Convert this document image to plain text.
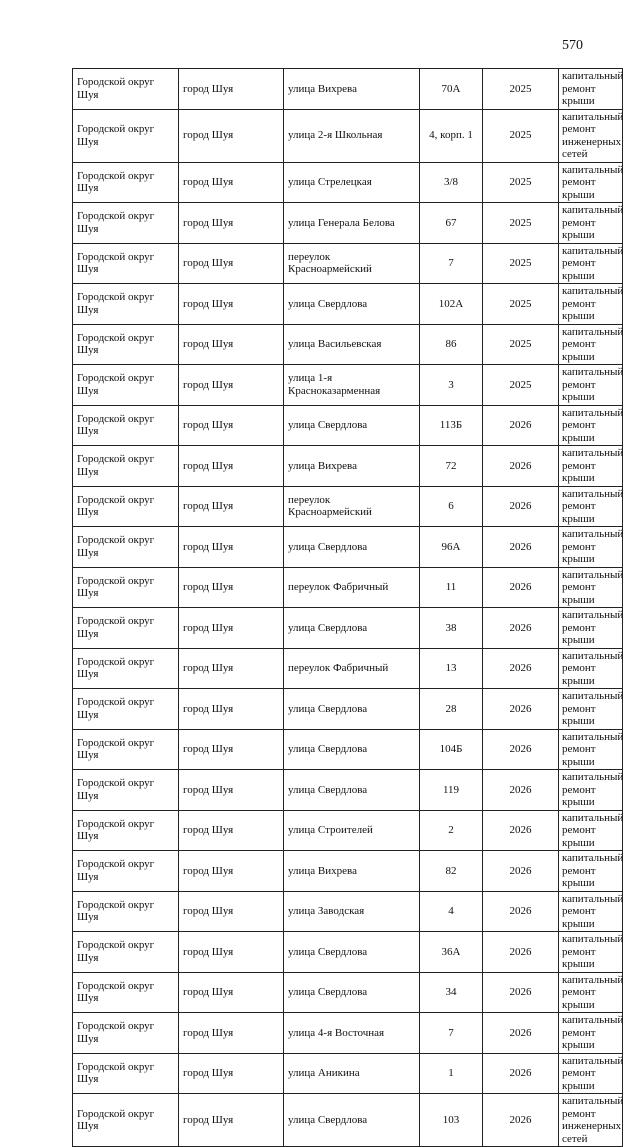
570
Городской округ Шуя	город Шуя	улица Вихрева	70А	2025	капитальный ремонт крыши
Городской округ Шуя	город Шуя	улица 2-я Школьная	4, корп. 1	2025	капитальный ремонт инженерных сетей
Городской округ Шуя	город Шуя	улица Стрелецкая	3/8	2025	капитальный ремонт крыши
Городской округ Шуя	город Шуя	улица Генерала Белова	67	2025	капитальный ремонт крыши
Городской округ Шуя	город Шуя	переулок Красноармейский	7	2025	капитальный ремонт крыши
Городской округ Шуя	город Шуя	улица Свердлова	102А	2025	капитальный ремонт крыши
Городской округ Шуя	город Шуя	улица Васильевская	86	2025	капитальный ремонт крыши
Городской округ Шуя	город Шуя	улица 1-я Красноказарменная	3	2025	капитальный ремонт крыши
Городской округ Шуя	город Шуя	улица Свердлова	113Б	2026	капитальный ремонт крыши
Городской округ Шуя	город Шуя	улица Вихрева	72	2026	капитальный ремонт крыши
Городской округ Шуя	город Шуя	переулок Красноармейский	6	2026	капитальный ремонт крыши
Городской округ Шуя	город Шуя	улица Свердлова	96А	2026	капитальный ремонт крыши
Городской округ Шуя	город Шуя	переулок Фабричный	11	2026	капитальный ремонт крыши
Городской округ Шуя	город Шуя	улица Свердлова	38	2026	капитальный ремонт крыши
Городской округ Шуя	город Шуя	переулок Фабричный	13	2026	капитальный ремонт крыши
Городской округ Шуя	город Шуя	улица Свердлова	28	2026	капитальный ремонт крыши
Городской округ Шуя	город Шуя	улица Свердлова	104Б	2026	капитальный ремонт крыши
Городской округ Шуя	город Шуя	улица Свердлова	119	2026	капитальный ремонт крыши
Городской округ Шуя	город Шуя	улица Строителей	2	2026	капитальный ремонт крыши
Городской округ Шуя	город Шуя	улица Вихрева	82	2026	капитальный ремонт крыши
Городской округ Шуя	город Шуя	улица Заводская	4	2026	капитальный ремонт крыши
Городской округ Шуя	город Шуя	улица Свердлова	36А	2026	капитальный ремонт крыши
Городской округ Шуя	город Шуя	улица Свердлова	34	2026	капитальный ремонт крыши
Городской округ Шуя	город Шуя	улица 4-я Восточная	7	2026	капитальный ремонт крыши
Городской округ Шуя	город Шуя	улица Аникина	1	2026	капитальный ремонт крыши
Городской округ Шуя	город Шуя	улица Свердлова	103	2026	капитальный ремонт инженерных сетей
